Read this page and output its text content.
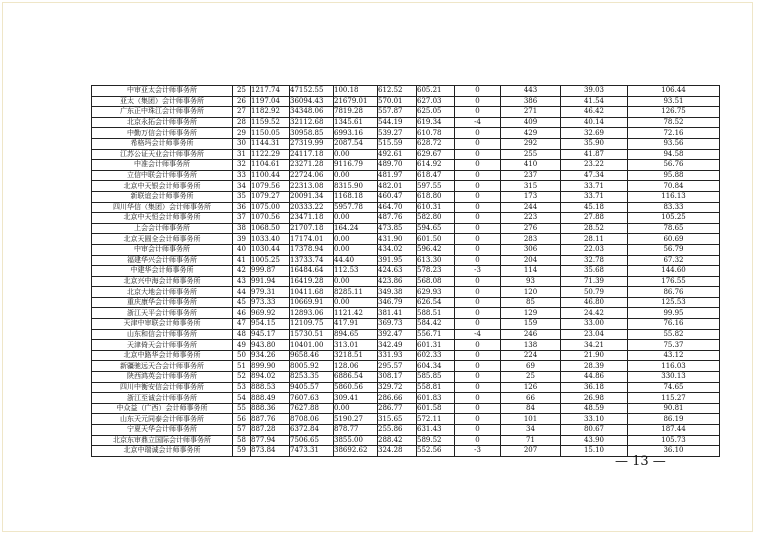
中审亚太会计师事务所	25	1217.74	47152.55	100.18	612.52	605.21	0	443	39.03	106.44
亚太（集团）会计师事务所	26	1197.04	36094.43	21679.01	570.01	627.03	0	386	41.54	93.51
广东正中珠江会计师事务所	27	1182.92	34348.06	7819.28	557.87	625.05	0	271	46.42	126.75
北京永拓会计师事务所	28	1159.52	32112.68	1345.61	544.19	619.34	-4	409	40.14	78.52
中勤万信会计师事务所	29	1150.05	30958.85	6993.16	539.27	610.78	0	429	32.69	72.16
希格玛会计师事务所	30	1144.31	27319.99	2087.54	515.59	628.72	0	292	35.90	93.56
江苏公证天业会计师事务所	31	1122.29	24117.18	0.00	492.61	629.67	0	255	41.87	94.58
中准会计师事务所	32	1104.61	23271.28	9116.79	489.70	614.92	0	410	23.22	56.76
立信中联会计师事务所	33	1100.44	22724.06	0.00	481.97	618.47	0	237	47.34	95.88
北京中天银会计师事务所	34	1079.56	22313.08	8315.90	482.01	597.55	0	315	33.71	70.84
新联谊会计师事务所	35	1079.27	20091.34	1168.18	460.47	618.80	0	173	33.71	116.13
四川华信（集团）会计师事务所	36	1075.00	20333.22	5957.78	464.70	610.31	0	244	45.18	83.33
北京中天恒会计师事务所	37	1070.56	23471.18	0.00	487.76	582.80	0	223	27.88	105.25
上会会计师事务所	38	1068.50	21707.18	164.24	473.85	594.65	0	276	28.52	78.65
北京天圆全会计师事务所	39	1033.40	17174.01	0.00	431.90	601.50	0	283	28.11	60.69
中审会计师事务所	40	1030.44	17378.94	0.00	434.02	596.42	0	306	22.03	56.79
福建华兴会计师事务所	41	1005.25	13733.74	44.40	391.95	613.30	0	204	32.78	67.32
中建华会计师事务所	42	999.87	16484.64	112.53	424.63	578.23	-3	114	35.68	144.60
北京兴中海会计师事务所	43	991.94	16419.28	0.00	423.86	568.08	0	93	71.39	176.55
北京大地会计师事务所	44	979.31	10411.68	8285.11	349.38	629.93	0	120	50.79	86.76
重庆康华会计师事务所	45	973.33	10669.91	0.00	346.79	626.54	0	85	46.80	125.53
浙江天平会计师事务所	46	969.92	12893.06	1121.42	381.41	588.51	0	129	24.42	99.95
天津中审联会计师事务所	47	954.15	12109.75	417.91	369.73	584.42	0	159	33.00	76.16
山东和信会计师事务所	48	945.17	15730.51	894.65	392.47	556.71	-4	246	23.04	55.82
天津倚天会计师事务所	49	943.80	10401.00	313.01	342.49	601.31	0	138	34.21	75.37
北京中路华会计师事务所	50	934.26	9658.46	3218.51	331.93	602.33	0	224	21.90	43.12
新疆驰远天合会计师事务所	51	899.90	8005.92	128.06	295.57	604.34	0	69	28.39	116.03
陕西鸿英会计师事务所	52	894.02	8253.35	6886.54	308.17	585.85	0	25	44.86	330.13
四川中衡安信会计师事务所	53	888.53	9405.57	5860.56	329.72	558.81	0	126	36.18	74.65
浙江至诚会计师事务所	54	888.49	7607.63	309.41	286.66	601.83	0	66	26.98	115.27
中众益（广西）会计师事务所	55	888.36	7627.88	0.00	286.77	601.58	0	84	48.59	90.81
山东天元同泰会计师事务所	56	887.76	8708.06	5190.27	315.65	572.11	0	101	33.10	86.19
宁夏天华会计师事务所	57	887.28	6372.84	878.77	255.86	631.43	0	34	80.67	187.44
北京东审鼎立国际会计师事务所	58	877.94	7506.65	3855.00	288.42	589.52	0	71	43.90	105.73
北京中瑞诚会计师事务所	59	873.84	7473.31	38692.62	324.28	552.56	-3	207	15.10	36.10
— 13 —
